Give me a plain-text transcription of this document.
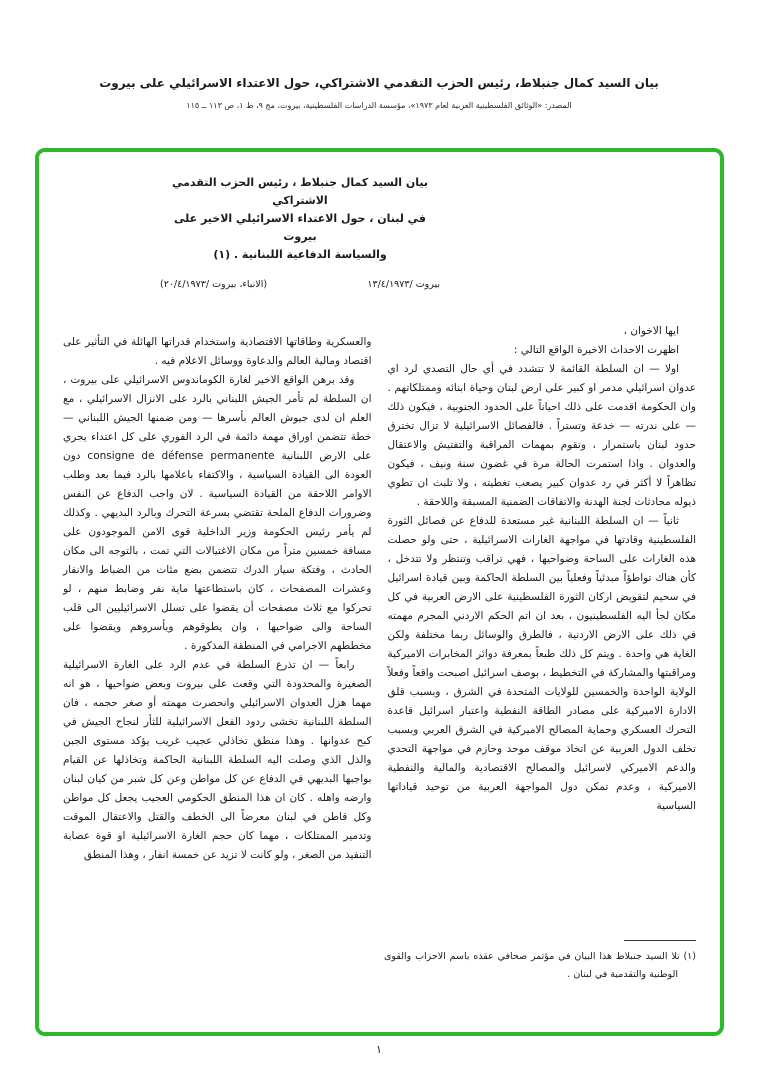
بيان السيد كمال جنبلاط، رئيس الحزب التقدمي الاشتراكي، حول الاعتداء الاسرائيلي على بيروت
المصدر: «الوثائق الفلسطينية العربية لعام ١٩٧٣»، مؤسسة الدراسات الفلسطينية، بيروت، مج ٩، ط ١، ص ١١٣ ــ ١١٥
بيان السيد كمال جنبلاط ، رئيس الحزب التقدمي الاشتراكي
في لبنان ، حول الاعتداء الاسرائيلي الاخير على بيروت
والسياسة الدفاعية اللبنانية . (١)
بيروت /١٣/٤/١٩٧٣
(الانباء، بيروت /٢٠/٤/١٩٧٣)

ايها الاخوان ،

اظهرت الاحداث الاخيرة الواقع التالي :

اولا — ان السلطة القائمة لا تتشدد في أي حال التصدي لرد اي عدوان اسرائيلي مدمر او كبير على ارض لبنان وحياة ابنائه وممتلكاتهم . وان الحكومة اقدمت على ذلك احياناً على الحدود الجنوبية ، فيكون ذلك — على ندرته — خدعة وتستراً . فالفصائل الاسرائيلية لا تزال تخترق حدود لبنان باستمرار ، وتقوم بمهمات المراقبة والتفتيش والاعتقال والعدوان . واذا استمرت الحالة مرة في غضون سنة ونيف ، فيكون تظاهراً لا أكثر في رد عدوان كبير يصعب تغطيته ، ولا تلبث ان تطوي ذيوله محادثات لجنة الهدنة والاتفاقات الضمنية المسبقة واللاحقة .

ثانياً — ان السلطة اللبنانية غير مستعدة للدفاع عن فصائل الثورة الفلسطينية وقادتها في مواجهة الغارات الاسرائيلية ، حتى ولو حصلت هذه الغارات على الساحة وضواحيها ، فهي تراقب وتنتظر ولا تتدخل ، كأن هناك تواطؤاً مبدئياً وفعلياً بين السلطة الحاكمة وبين قيادة اسرائيل في سحيم لتقويض اركان الثورة الفلسطينية على الارض العربية في كل مكان لجأ اليه الفلسطينيون ، بعد ان اتم الحكم الاردني المجرم مهمته في ذلك على الارض الاردنية ، فالطرق والوسائل ربما مختلفة ولكن الغاية هي واحدة . ويتم كل ذلك طبعاً بمعرفة دوائر المخابرات الاميركية ومراقبتها والمشاركة في التخطيط ، بوصف اسرائيل اصبحت واقعاً وفعلاً الولاية الواحدة والخمسين للولايات المتحدة في الشرق ، وبسبب قلق الادارة الاميركية على مصادر الطاقة النفطية واعتبار اسرائيل قاعدة التحرك العسكري وحماية المصالح الاميركية في الشرق العربي وبسبب تخلف الدول العربية عن اتخاذ موقف موحد وحازم في مواجهة التحدي والدعم الاميركي لاسرائيل والمصالح الاقتصادية والمالية والنفطية الاميركية ، وعدم تمكن دول المواجهة العربية من توحيد قياداتها السياسية

والعسكرية وطاقاتها الاقتصادية واستخدام قدراتها الهائلة في التأثير على اقتصاد ومالية العالم والدعاوة ووسائل الاعلام فيه .

وقد برهن الواقع الاخير لغارة الكوماندوس الاسرائيلي على بيروت ، ان السلطة لم تأمر الجيش اللبناني بالرد على الانزال الاسرائيلي ، مع العلم ان لدى جيوش العالم بأسرها — ومن ضمنها الجيش اللبناني — خطة تتضمن اوراق مهمة دائمة في الرد الفوري على كل اعتداء يجري على الارض اللبنانية consigne de défense permanente دون العودة الى القيادة السياسية ، والاكتفاء باعلامها بالرد فيما بعد وطلب الاوامر اللاحقة من القيادة السياسية . لان واجب الدفاع عن النفس وضرورات الدفاع الملحة تقتضي بسرعة التحرك وبالرد البديهي . وكذلك لم يأمر رئيس الحكومة وزير الداخلية قوى الامن الموجودون على مسافة خمسين متراً من مكان الاغتيالات التي تمت ، بالتوجه الى مكان الحادث ، وفتكة سيار الدرك تتضمن بضع مئات من الضباط والانفار وعشرات المصفحات ، كان باستطاعتها ماية نفر وضابط منهم ، لو تحركوا مع ثلاث مصفحات أن يقضوا على تسلل الاسرائيليين الى قلب الساحة والى ضواحيها ، وان يطوقوهم ويأسروهم ويقضوا على مخططهم الاجرامي في المنطقة المذكورة .

رابعاً — ان تذرع السلطة في عدم الرد على الغارة الاسرائيلية الصغيرة والمحدودة التي وقعت على بيروت وبعض ضواحيها ، هو انه مهما هزل العدوان الاسرائيلي وانحصرت مهمته أو صغر حجمه ، فان السلطة اللبنانية تخشى ردود الفعل الاسرائيلية للثأر لنجاح الجيش في كبح عدوانها . وهذا منطق تخاذلي عجيب غريب يؤكد مستوى الجبن والذل الذي وصلت اليه السلطة اللبنانية الحاكمة وتخاذلها عن القيام بواجبها البديهي في الدفاع عن كل مواطن وعن كل شبر من كيان لبنان وارضه واهله . كان ان هذا المنطق الحكومي العجيب يجعل كل مواطن وكل قاطن في لبنان معرضاً الى الخطف والقتل والاعتقال الموقت وتدمير الممتلكات ، مهما كان حجم الغارة الاسرائيلية او قوة عصابة التنفيذ من الصغر ، ولو كانت لا تزيد عن خمسة انفار ، وهذا المنطق

(١) تلا السيد جنبلاط هذا البيان في مؤتمر صحافي عقده باسم الاحزاب والقوى الوطنية والتقدمية في لبنان .

١
